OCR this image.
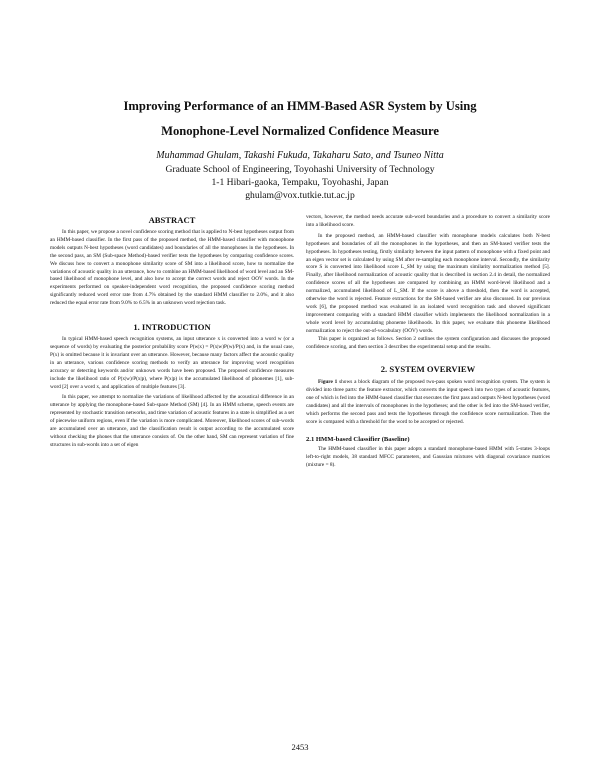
Improving Performance of an HMM-Based ASR System by Using
Monophone-Level Normalized Confidence Measure
Muhammad Ghulam, Takashi Fukuda, Takaharu Sato, and Tsuneo Nitta
Graduate School of Engineering, Toyohashi University of Technology
1-1 Hibari-gaoka, Tempaku, Toyohashi, Japan
ghulam@vox.tutkie.tut.ac.jp
ABSTRACT

In this paper, we propose a novel confidence scoring method that is applied to N-best hypotheses output from an HMM-based classifier. In the first pass of the proposed method, the HMM-based classifier with monophone models outputs N-best hypotheses (word candidates) and boundaries of all the monophones in the hypotheses. In the second pass, an SM (Sub-space Method)-based verifier tests the hypotheses by comparing confidence scores. We discuss how to convert a monophone similarity score of SM into a likelihood score, how to normalize the variations of acoustic quality in an utterance, how to combine an HMM-based likelihood of word level and an SM-based likelihood of monophone level, and also how to accept the correct words and reject OOV words. In the experiments performed on speaker-independent word recognition, the proposed confidence scoring method significantly reduced word error rate from 4.7% obtained by the standard HMM classifier to 2.0%, and it also reduced the equal error rate from 9.0% to 6.5% in an unknown word rejection task.

1. INTRODUCTION

In typical HMM-based speech recognition systems, an input utterance x is converted into a word w (or a sequence of words) by evaluating the posterior probability score P(w|x) = P(x|w)P(w)/P(x) and, in the usual case, P(x) is omitted because it is invariant over an utterance. However, because many factors affect the acoustic quality in an utterance, various confidence scoring methods to verify an utterance for improving word recognition accuracy or detecting keywords and/or unknown words have been proposed. The proposed confidence measures include the likelihood ratio of P(x|w)/P(x|p), where P(x|p) is the accumulated likelihood of phonemes [1], sub-word [2] over a word x, and application of multiple features [3].

In this paper, we attempt to normalize the variations of likelihood affected by the acoustical difference in an utterance by applying the monophone-based Sub-space Method (SM) [4]. In an HMM scheme, speech events are represented by stochastic transition networks, and time variation of acoustic features in a state is simplified as a set of piecewise uniform regions, even if the variation is more complicated. Moreover, likelihood scores of sub-words are accumulated over an utterance, and the classification result is output according to the accumulated score without checking the phones that the utterance consists of. On the other hand, SM can represent variation of fine structures in sub-words into a set of eigen

vectors, however, the method needs accurate sub-word boundaries and a procedure to convert a similarity score into a likelihood score.

In the proposed method, an HMM-based classifier with monophone models calculates both N-best hypotheses and boundaries of all the monophones in the hypotheses, and then an SM-based verifier tests the hypotheses. In hypotheses testing, firstly similarity between the input pattern of monophone with a fixed point and an eigen vector set is calculated by using SM after re-sampling each monophone interval. Secondly, the similarity score S is converted into likelihood score L_SM by using the maximum similarity normalization method [5]. Finally, after likelihood normalization of acoustic quality that is described in section 2.4 in detail, the normalized confidence scores of all the hypotheses are compared by combining an HMM word-level likelihood and a normalized, accumulated likelihood of L_SM. If the score is above a threshold, then the word is accepted, otherwise the word is rejected. Feature extractions for the SM-based verifier are also discussed. In our previous work [6], the proposed method was evaluated in an isolated word recognition task and showed significant improvement comparing with a standard HMM classifier which implements the likelihood normalization in a whole word level by accumulating phoneme likelihoods. In this paper, we evaluate this phoneme likelihood normalization to reject the out-of-vocabulary (OOV) words.

This paper is organized as follows. Section 2 outlines the system configuration and discusses the proposed confidence scoring, and then section 3 describes the experimental setup and the results.

2. SYSTEM OVERVIEW

Figure 1 shows a block diagram of the proposed two-pass spoken word recognition system. The system is divided into three parts: the feature extractor, which converts the input speech into two types of acoustic features, one of which is fed into the HMM-based classifier that executes the first pass and outputs N-best hypotheses (word candidates) and all the intervals of monophones in the hypotheses; and the other is fed into the SM-based verifier, which performs the second pass and tests the hypotheses through the confidence score normalization. Then the score is compared with a threshold for the word to be accepted or rejected.

2.1 HMM-based Classifier (Baseline)

The HMM-based classifier in this paper adopts a standard monophone-based HMM with 5-states 3-loops left-to-right models, 38 standard MFCC parameters, and Gaussian mixtures with diagonal covariance matrices (mixture = 8).

2453
